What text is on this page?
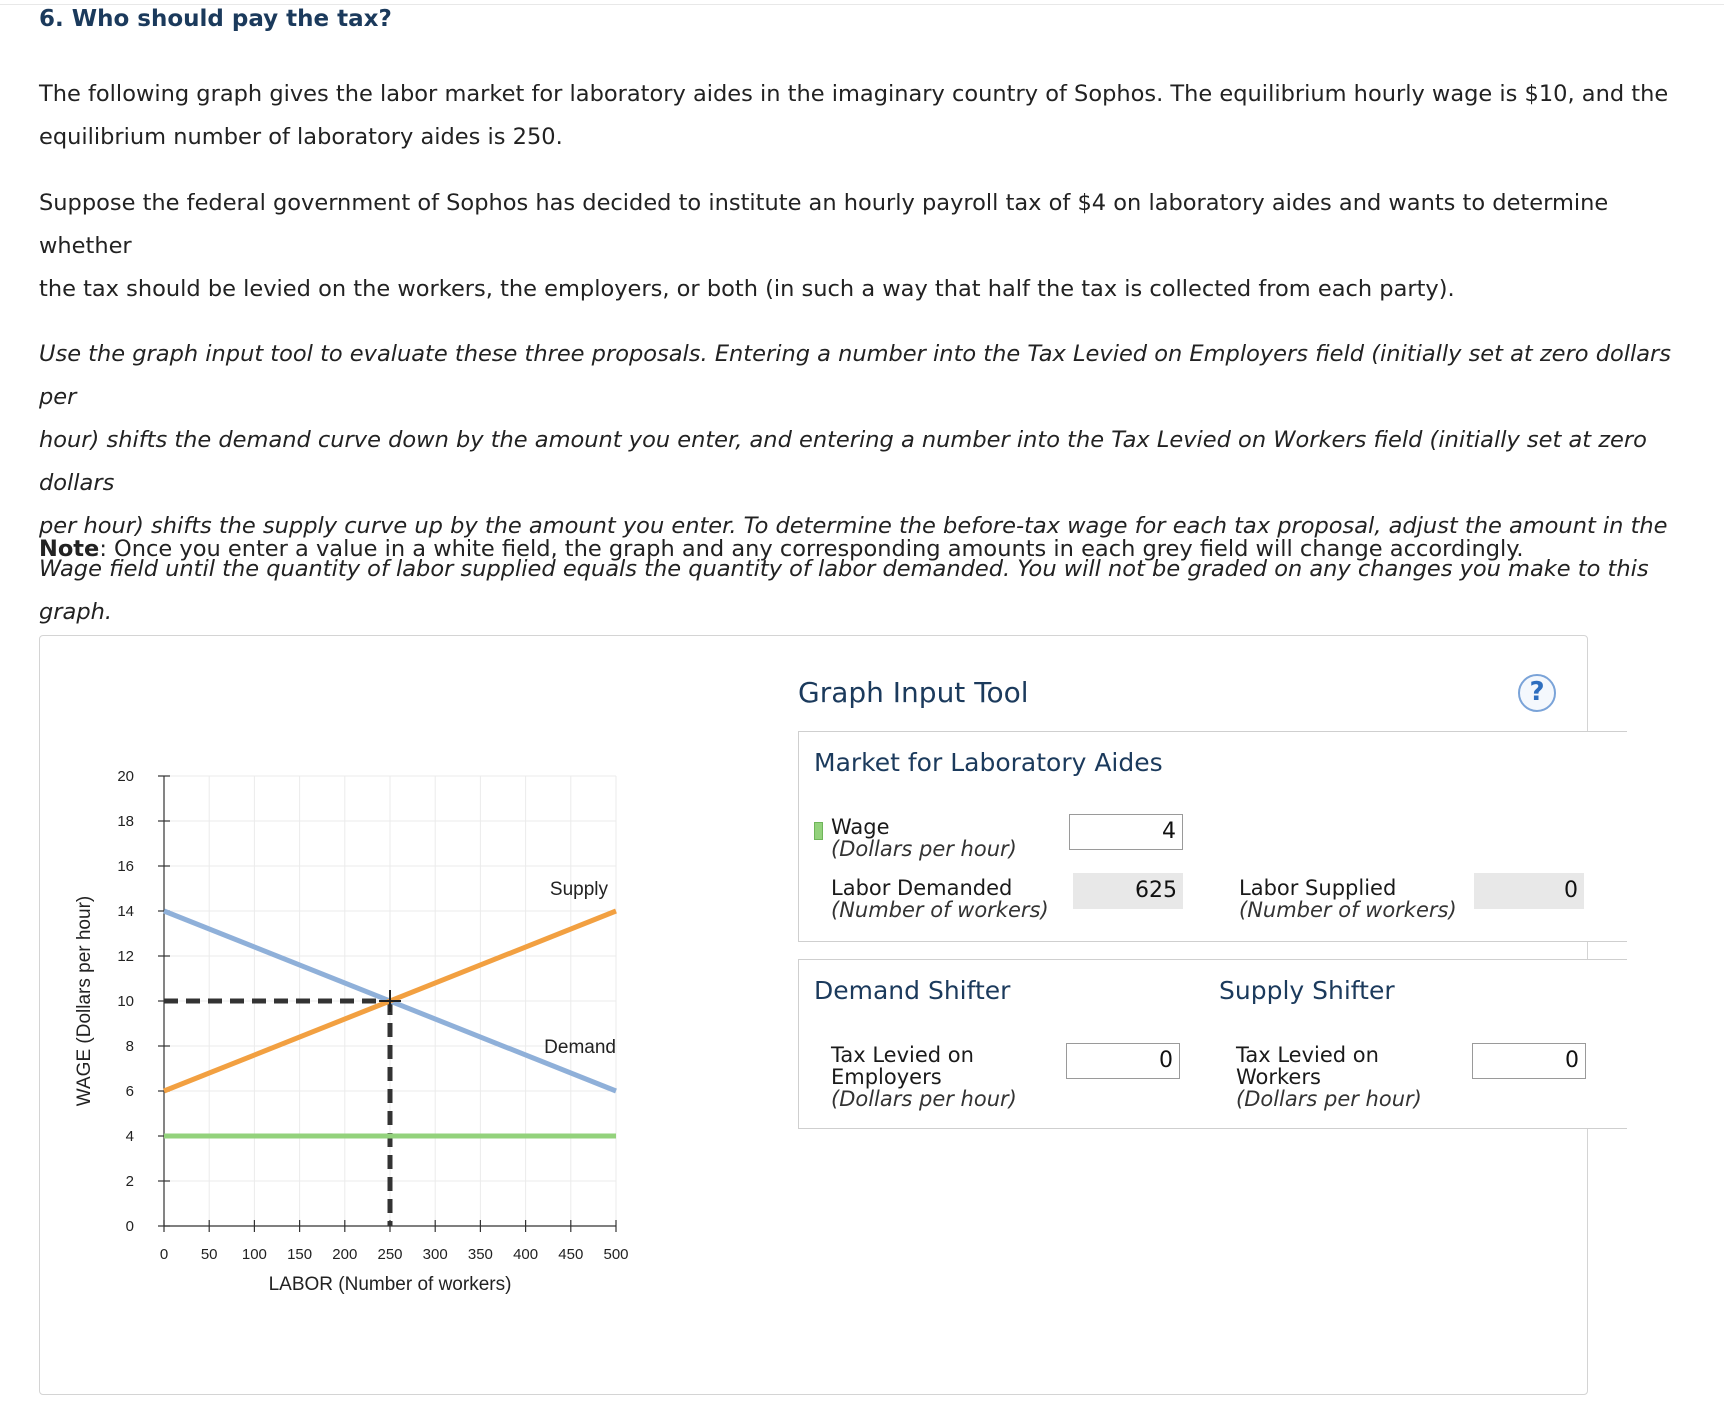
6. Who should pay the tax?
The following graph gives the labor market for laboratory aides in the imaginary country of Sophos. The equilibrium hourly wage is $10, and the
equilibrium number of laboratory aides is 250.
Suppose the federal government of Sophos has decided to institute an hourly payroll tax of $4 on laboratory aides and wants to determine whether
the tax should be levied on the workers, the employers, or both (in such a way that half the tax is collected from each party).
Use the graph input tool to evaluate these three proposals. Entering a number into the Tax Levied on Employers field (initially set at zero dollars per
hour) shifts the demand curve down by the amount you enter, and entering a number into the Tax Levied on Workers field (initially set at zero dollars
per hour) shifts the supply curve up by the amount you enter. To determine the before-tax wage for each tax proposal, adjust the amount in the
Wage field until the quantity of labor supplied equals the quantity of labor demanded. You will not be graded on any changes you make to this graph.
Note: Once you enter a value in a white field, the graph and any corresponding amounts in each grey field will change accordingly.
0
2
4
6
8
10
12
14
16
18
20
0 50 100 150 200 250 300 350 400 450 500
LABOR (Number of workers)
WAGE (Dollars per hour)
Supply
Demand
Graph Input Tool	?
Market for Laboratory Aides
Wage
(Dollars per hour)
4
Labor Demanded
(Number of workers)
625	Labor Supplied
(Number of workers)
0
Demand Shifter	Supply Shifter
Tax Levied on
Employers
(Dollars per hour)
0	Tax Levied on
Workers
(Dollars per hour)
0
